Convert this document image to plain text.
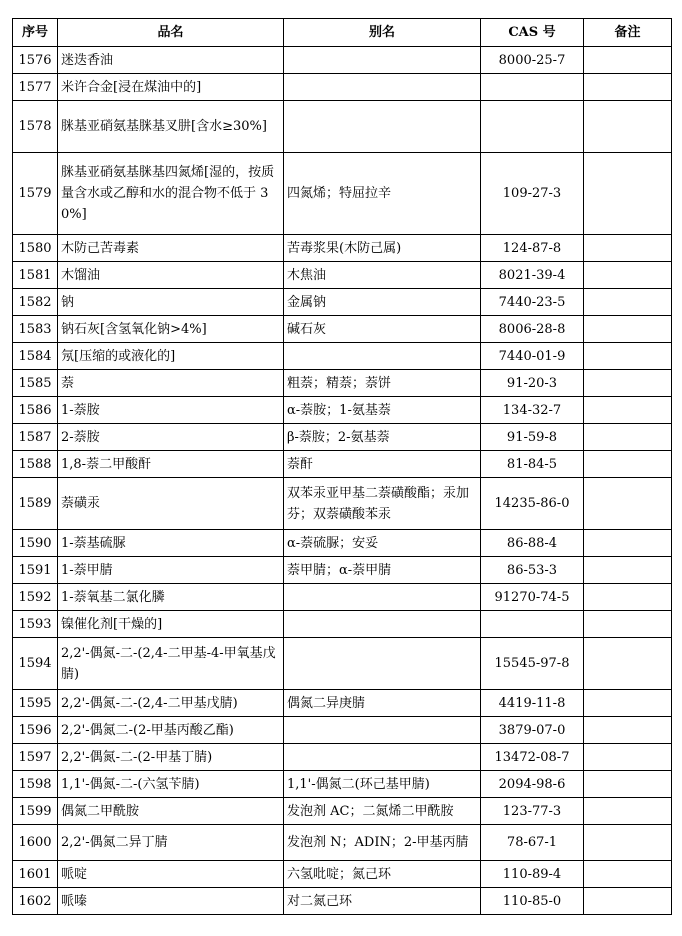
序号	品名	别名	CAS 号	备注
1576	迷迭香油		8000-25-7	
1577	米许合金[浸在煤油中的]			
1578	脒基亚硝氨基脒基叉肼[含水≥30%]			
1579	脒基亚硝氨基脒基四氮烯[湿的，按质量含水或乙醇和水的混合物不低于 30%]	四氮烯；特屈拉辛	109-27-3	
1580	木防己苦毒素	苦毒浆果(木防己属)	124-87-8	
1581	木馏油	木焦油	8021-39-4	
1582	钠	金属钠	7440-23-5	
1583	钠石灰[含氢氧化钠>4%]	碱石灰	8006-28-8	
1584	氖[压缩的或液化的]		7440-01-9	
1585	萘	粗萘；精萘；萘饼	91-20-3	
1586	1-萘胺	α-萘胺；1-氨基萘	134-32-7	
1587	2-萘胺	β-萘胺；2-氨基萘	91-59-8	
1588	1,8-萘二甲酸酐	萘酐	81-84-5	
1589	萘磺汞	双苯汞亚甲基二萘磺酸酯；汞加芬；双萘磺酸苯汞	14235-86-0	
1590	1-萘基硫脲	α-萘硫脲；安妥	86-88-4	
1591	1-萘甲腈	萘甲腈；α-萘甲腈	86-53-3	
1592	1-萘氧基二氯化膦		91270-74-5	
1593	镍催化剂[干燥的]			
1594	2,2'-偶氮-二-(2,4-二甲基-4-甲氧基戊腈)		15545-97-8	
1595	2,2'-偶氮-二-(2,4-二甲基戊腈)	偶氮二异庚腈	4419-11-8	
1596	2,2'-偶氮二-(2-甲基丙酸乙酯)		3879-07-0	
1597	2,2'-偶氮-二-(2-甲基丁腈)		13472-08-7	
1598	1,1'-偶氮-二-(六氢苄腈)	1,1'-偶氮二(环己基甲腈)	2094-98-6	
1599	偶氮二甲酰胺	发泡剂 AC；二氮烯二甲酰胺	123-77-3	
1600	2,2'-偶氮二异丁腈	发泡剂 N；ADIN；2-甲基丙腈	78-67-1	
1601	哌啶	六氢吡啶；氮己环	110-89-4	
1602	哌嗪	对二氮己环	110-85-0	
